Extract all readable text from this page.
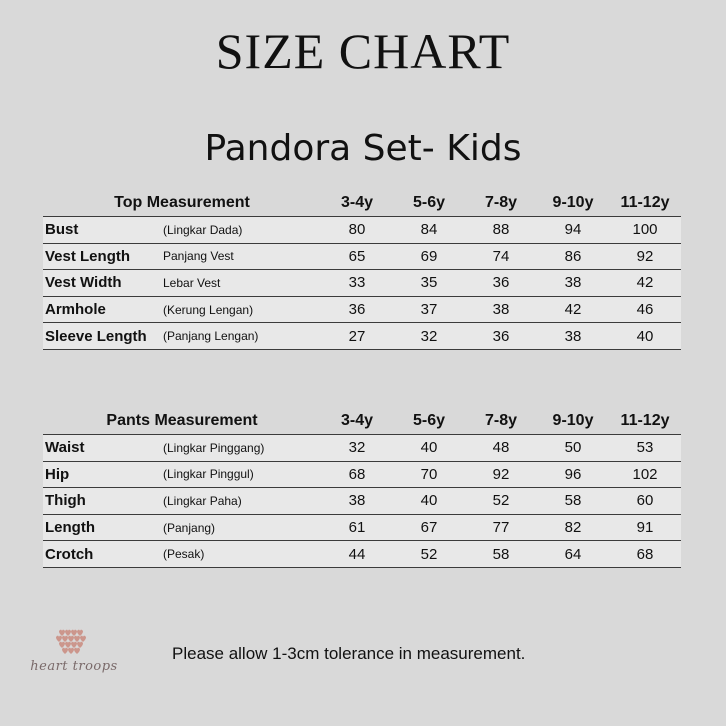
SIZE CHART
Pandora Set- Kids
Top Measurement		3-4y	5-6y	7-8y	9-10y	11-12y
Bust	(Lingkar Dada)	80	84	88	94	100
Vest Length	Panjang Vest	65	69	74	86	92
Vest Width	Lebar Vest	33	35	36	38	42
Armhole	(Kerung Lengan)	36	37	38	42	46
Sleeve Length	(Panjang Lengan)	27	32	36	38	40
Pants Measurement		3-4y	5-6y	7-8y	9-10y	11-12y
Waist	(Lingkar Pinggang)	32	40	48	50	53
Hip	(Lingkar Pinggul)	68	70	92	96	102
Thigh	(Lingkar Paha)	38	40	52	58	60
Length	(Panjang)	61	67	77	82	91
Crotch	(Pesak)	44	52	58	64	68
heart troops
Please allow 1-3cm tolerance in measurement.
